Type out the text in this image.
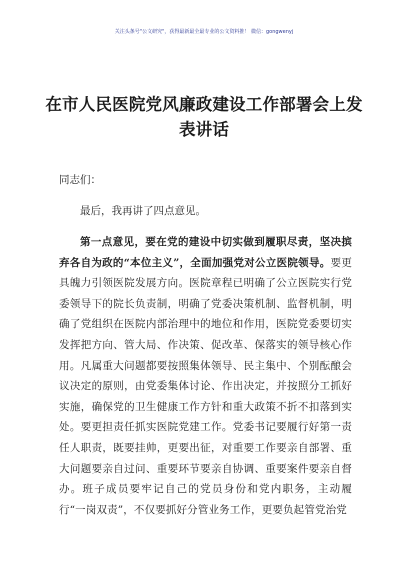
关注头条号"公文研究"，获得最新最全最专业的公文资料推！ 微信：gongwenyj
在市人民医院党风廉政建设工作部署会上发表讲话
同志们：
最后，我再讲了四点意见。
第一点意见，要在党的建设中切实做到履职尽责，坚决摈弃各自为政的“本位主义”，全面加强党对公立医院领导。要更具魄力引领医院发展方向。医院章程已明确了公立医院实行党委领导下的院长负责制，明确了党委决策机制、监督机制，明确了党组织在医院内部治理中的地位和作用，医院党委要切实发挥把方向、管大局、作决策、促改革、保落实的领导核心作用。凡属重大问题都要按照集体领导、民主集中、个别酝酿会议决定的原则，由党委集体讨论、作出决定，并按照分工抓好实施，确保党的卫生健康工作方针和重大政策不折不扣落到实处。要更担责任抓实医院党建工作。党委书记要履行好第一责任人职责，既要挂帅，更要出征，对重要工作要亲自部署、重大问题要亲自过问、重要环节要亲自协调、重要案件要亲自督办。班子成员要牢记自己的党员身份和党内职务，主动履行“一岗双责”，不仅要抓好分管业务工作，更要负起管党治党
